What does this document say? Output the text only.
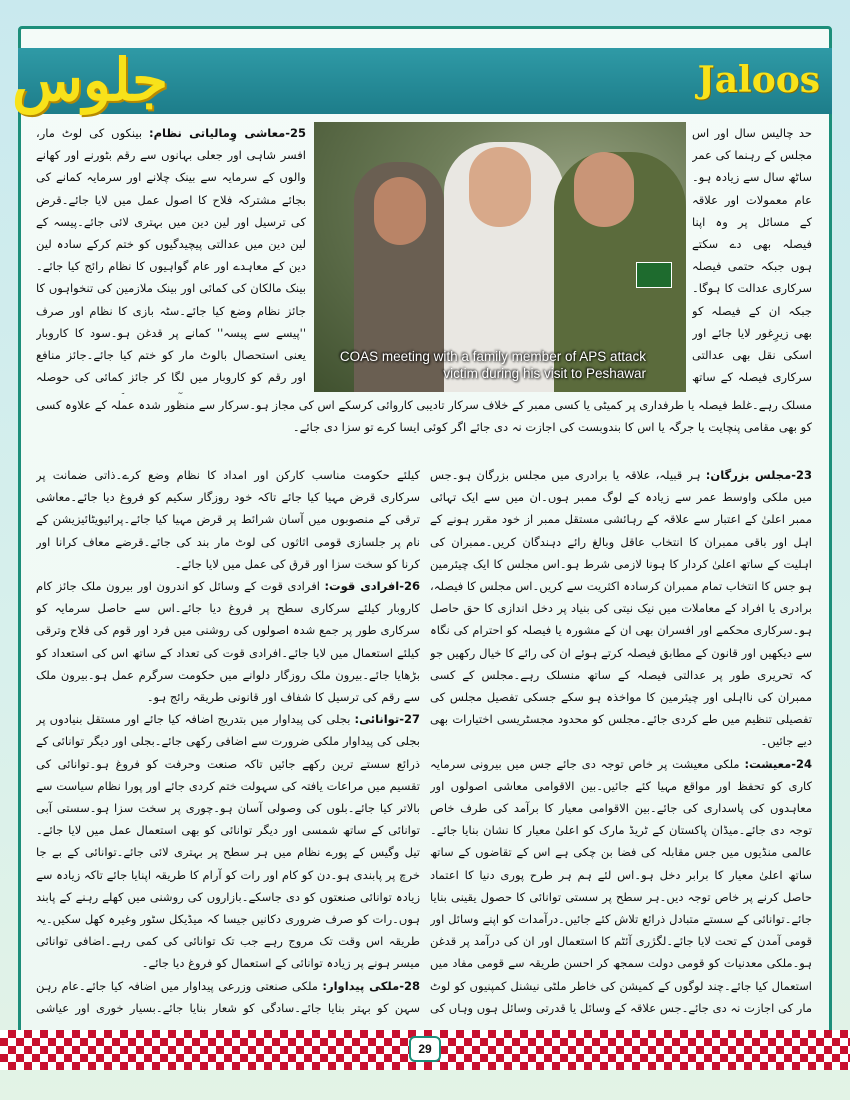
جلوس	Jaloos
25-معاشی وِمالیاتی نظام: بینکوں کی لوٹ مار، افسر شاہی اور جعلی بہانوں سے رقم بٹورنے اور کھانے والوں کے سرمایہ سے بینک چلانے اور سرمایہ کمانے کی بجائے مشترکہ فلاح کا اصول عمل میں لایا جائے۔قرض کی ترسیل اور لین دین میں بہتری لائی جائے۔پیسہ کے لین دین میں عدالتی پیچیدگیوں کو ختم کرکے سادہ لین دین کے معاہدے اور عام گواہیوں کا نظام رائج کیا جائے۔بینک مالکان کی کمائی اور بینک ملازمین کی تنخواہوں کا جائز نظام وضع کیا جائے۔سٹہ بازی کا نظام اور صرف ''پیسے سے پیسہ'' کمانے پر قدغن ہو۔سود کا کاروبار یعنی استحصال بالوٹ مار کو ختم کیا جائے۔جائز منافع اور رقم کو کاروبار میں لگا کر جائز کمائی کی حوصلہ
COAS meeting with a family member of APS attack victim during his visit to Peshawar
حد چالیس سال اور اس مجلس کے رہنما کی عمر ساٹھ سال سے زیادہ ہو۔عام معمولات اور علاقہ کے مسائل پر وہ اپنا فیصلہ بھی دے سکتے ہوں جبکہ حتمی فیصلہ سرکاری عدالت کا ہوگا۔جبکہ ان کے فیصلہ کو بھی زیرِغور لایا جائے اور اسکی نقل بھی عدالتی سرکاری فیصلہ کے ساتھ
مسلک رہے۔غلط فیصلہ یا طرفداری پر کمیٹی یا کسی ممبر کے خلاف سرکار تادیبی کاروائی کرسکے اس کی مجاز ہو۔سرکار سے منظور شدہ عملہ کے علاوہ کسی کو بھی مقامی پنچایت یا جرگہ یا اس کا بندوبست کی اجازت نہ دی جائے اگر کوئی ایسا کرے تو سزا دی جائے۔

کیلئے حکومت مناسب کارکن اور امداد کا نظام وضع کرے۔ذاتی ضمانت پر سرکاری قرض مہیا کیا جائے تاکہ خود روزگار سکیم کو فروغ دیا جائے۔معاشی ترقی کے منصوبوں میں آسان شرائط پر قرض مہیا کیا جائے۔پرائیویٹائیزیشن کے نام پر جلسازی قومی اثاثوں کی لوٹ مار بند کی جائے۔قرضے معاف کرانا اور کرنا کو سخت سزا اور قرق کی عمل میں لایا جائے۔

26-افرادی قوت: افرادی قوت کے وسائل کو اندرون اور بیرون ملک جائز کام کاروبار کیلئے سرکاری سطح پر فروغ دیا جائے۔اس سے حاصل سرمایہ کو سرکاری طور پر جمع شدہ اصولوں کی روشنی میں فرد اور قوم کی فلاح وترقی کیلئے استعمال میں لایا جائے۔افرادی قوت کی تعداد کے ساتھ اس کی استعداد کو بڑھایا جائے۔بیرون ملک روزگار دلوانے میں حکومت سرگرم عمل ہو۔بیرون ملک سے رقم کی ترسیل کا شفاف اور قانونی طریقہ رائج ہو۔

27-توانائی: بجلی کی پیداوار میں بتدریج اضافہ کیا جائے اور مستقل بنیادوں پر بجلی کی پیداوار ملکی ضرورت سے اضافی رکھی جائے۔بجلی اور دیگر توانائی کے ذرائع سستے ترین رکھے جائیں تاکہ صنعت وحرفت کو فروغ ہو۔توانائی کی تقسیم میں مراعات یافتہ کی سہولت ختم کردی جائے اور پورا نظام سیاست سے بالاتر کیا جائے۔بلوں کی وصولی آسان ہو۔چوری پر سخت سزا ہو۔سستی آبی توانائی کے ساتھ شمسی اور دیگر توانائی کو بھی استعمال عمل میں لایا جائے۔تیل وگیس کے پورے نظام میں ہر سطح پر بہتری لائی جائے۔توانائی کے بے جا خرچ پر پابندی ہو۔دن کو کام اور رات کو آرام کا طریقہ اپنایا جائے تاکہ زیادہ سے زیادہ توانائی صنعتوں کو دی جاسکے۔بازاروں کی روشنی میں کھلے رہنے کے پابند ہوں۔رات کو صرف ضروری دکانیں جیسا کہ میڈیکل سٹور وغیرہ کھل سکیں۔یہ طریقہ اس وقت تک مروج رہے جب تک توانائی کی کمی رہے۔اضافی توانائی میسر ہونے پر زیادہ توانائی کے استعمال کو فروغ دیا جائے۔

28-ملکی پیداوار: ملکی صنعتی وزرعی پیداوار میں اضافہ کیا جائے۔عام رہن سہن کو بہتر بنایا جائے۔سادگی کو شعار بنایا جائے۔بسیار خوری اور عیاشی

23-مجلس بزرگان: ہر قبیلہ، علاقہ یا برادری میں مجلس بزرگان ہو۔جس میں ملکی واوسط عمر سے زیادہ کے لوگ ممبر ہوں۔ان میں سے ایک تہائی ممبر اعلیٰ کے اعتبار سے علاقہ کے رہائشی مستقل ممبر از خود مقرر ہونے کے اہل اور باقی ممبران کا انتخاب عاقل وبالغ رائے دہندگان کریں۔ممبران کی اہلیت کے ساتھ اعلیٰ کردار کا ہونا لازمی شرط ہو۔اس مجلس کا ایک چیئرمین ہو جس کا انتخاب تمام ممبران کرسادہ اکثریت سے کریں۔اس مجلس کا فیصلہ، برادری یا افراد کے معاملات میں نیک نیتی کی بنیاد پر دخل اندازی کا حق حاصل ہو۔سرکاری محکمے اور افسران بھی ان کے مشورہ یا فیصلہ کو احترام کی نگاہ سے دیکھیں اور قانون کے مطابق فیصلہ کرتے ہوئے ان کی رائے کا خیال رکھیں جو کہ تحریری طور پر عدالتی فیصلہ کے ساتھ منسلک رہے۔مجلس کے کسی ممبران کی نااہلی اور چیئرمین کا مواخذہ ہو سکے جسکی تفصیل مجلس کی تفصیلی تنظیم میں طے کردی جائے۔مجلس کو محدود مجسٹریسی اختیارات بھی دیے جائیں۔

24-معیشت: ملکی معیشت پر خاص توجہ دی جائے جس میں بیرونی سرمایہ کاری کو تحفظ اور مواقع مہیا کئے جائیں۔بین الاقوامی معاشی اصولوں اور معاہدوں کی پاسداری کی جائے۔بین الاقوامی معیار کا برآمد کی طرف خاص توجہ دی جائے۔میڈان پاکستان کے ٹریڈ مارک کو اعلیٰ معیار کا نشان بنایا جائے۔عالمی منڈیوں میں جس مقابلہ کی فضا بن چکی ہے اس کے تقاضوں کے ساتھ ساتھ اعلیٰ معیار کا برابر دخل ہو۔اس لئے ہم ہر طرح پوری دنیا کا اعتماد حاصل کرنے پر خاص توجہ دیں۔ہر سطح پر سستی توانائی کا حصول یقینی بنایا جائے۔توانائی کے سستے متبادل ذرائع تلاش کئے جائیں۔درآمدات کو اپنے وسائل اور قومی آمدن کے تحت لایا جائے۔لگژری آئٹم کا استعمال اور ان کی درآمد پر قدغن ہو۔ملکی معدنیات کو قومی دولت سمجھ کر احسن طریقہ سے قومی مفاد میں استعمال کیا جائے۔چند لوگوں کے کمیشن کی خاطر ملٹی نیشنل کمپنیوں کو لوٹ مار کی اجازت نہ دی جائے۔جس علاقہ کے وسائل یا قدرتی وسائل ہوں وہاں کی

29
